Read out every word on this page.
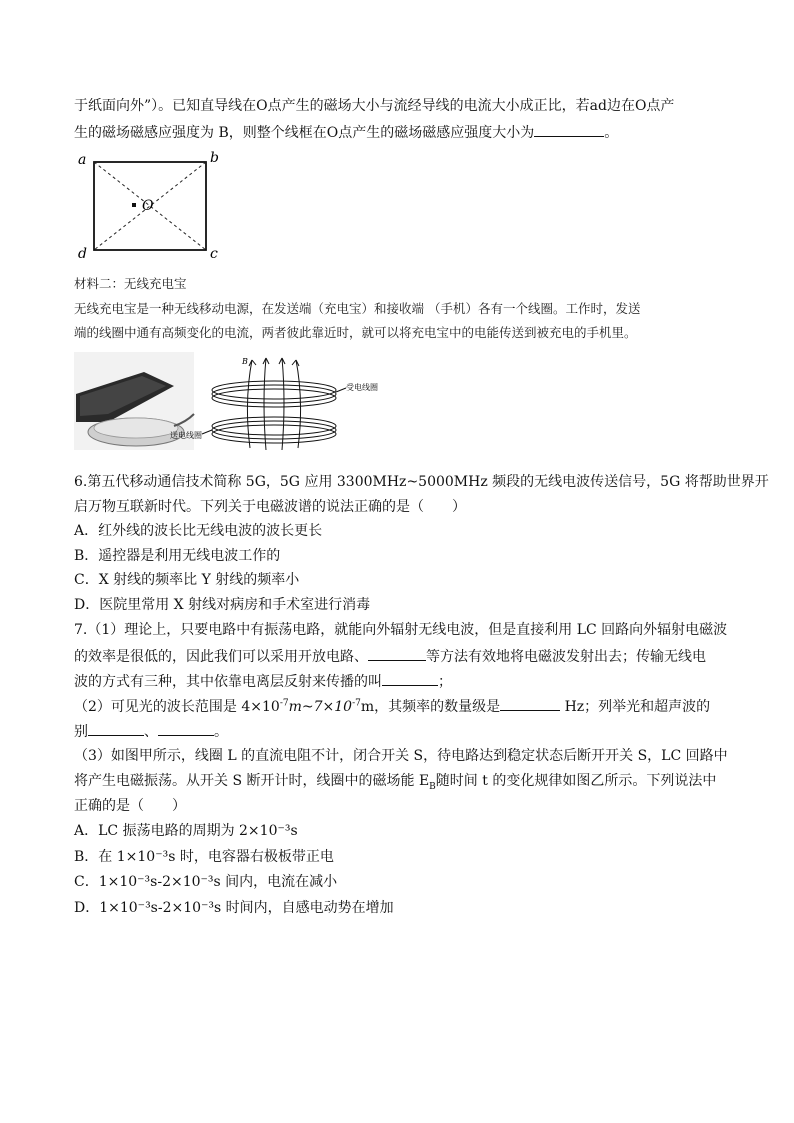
于纸面向外”）。已知直导线在O点产生的磁场大小与流经导线的电流大小成正比，若ad边在O点产
生的磁场磁感应强度为 B，则整个线框在O点产生的磁场磁感应强度大小为	。
a	b
c
d
O
材料二：无线充电宝
无线充电宝是一种无线移动电源，在发送端（充电宝）和接收端 （手机）各有一个线圈。工作时，发送
端的线圈中通有高频变化的电流，两者彼此靠近时，就可以将充电宝中的电能传送到被充电的手机里。
B
受电线圈
送电线圈
6.第五代移动通信技术简称 5G，5G 应用 3300MHz~5000MHz 频段的无线电波传送信号，5G 将帮助世界开
启万物互联新时代。下列关于电磁波谱的说法正确的是（　　）
A．红外线的波长比无线电波的波长更长
B．遥控器是利用无线电波工作的
C．X 射线的频率比 Y 射线的频率小
D．医院里常用 X 射线对病房和手术室进行消毒
7.（1）理论上，只要电路中有振荡电路，就能向外辐射无线电波，但是直接利用 LC 回路向外辐射电磁波
的效率是很低的，因此我们可以采用开放电路、	等方法有效地将电磁波发射出去；传输无线电
波的方式有三种，其中依靠电离层反射来传播的叫	；
（2）可见光的波长范围是 $4\times 10^{-7}m\sim 7\times 10^{-7}m$，其频率的数量级是	Hz；列举光和超声波的
别	、	。
（3）如图甲所示，线圈 L 的直流电阻不计，闭合开关 S，待电路达到稳定状态后断开开关 S，LC 回路中
将产生电磁振荡。从开关 S 断开计时，线圈中的磁场能 $E_B$随时间 t 的变化规律如图乙所示。下列说法中
正确的是（　　）
A．LC 振荡电路的周期为 2×10⁻³s
B．在 1×10⁻³s 时，电容器右极板带正电
C．1×10⁻³s-2×10⁻³s 间内，电流在减小
D．1×10⁻³s-2×10⁻³s 时间内，自感电动势在增加
